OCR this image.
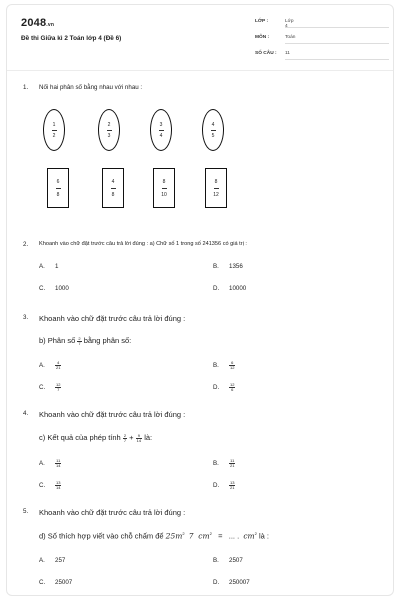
2048.vn
Đề thi Giữa kì 2 Toán lớp 4 (Đề 6)
LỚP :	Lớp 4
MÔN :	Toán
SỐ CÂU :	11
1. Nối hai phân số bằng nhau với nhau :
1
2
2
3
3
4
4
5
6
8
4
8
8
10
8
12
2. Khoanh vào chữ đặt trước câu trả lời đúng : a) Chữ số 1 trong số 241356 có giá trị :
A. 1	B. 1356
C. 1000	D. 10000
3. Khoanh vào chữ đặt trước câu trả lời đúng :
b) Phân số $\frac{2}{7}$ bằng phân số:
A.	$\frac{4}{21}$	B.	$\frac{6}{12}$
C. $\frac{12}{7}$	D. $\frac{12}{6}$
4. Khoanh vào chữ đặt trước câu trả lời đúng :
c) Kết quả của phép tính $\frac{2}{7} + \frac{9}{14}$ là:
A.	$\frac{11}{14}$	B.	$\frac{11}{21}$
C. $\frac{13}{14}$	D. $\frac{13}{21}$
5. Khoanh vào chữ đặt trước câu trả lời đúng :
d) Số thích hợp viết vào chỗ chấm để $25m^2$ 7  $cm^2$ = ... . $cm^2$ là :
A. 257	B. 2507
C. 25007	D. 250007
